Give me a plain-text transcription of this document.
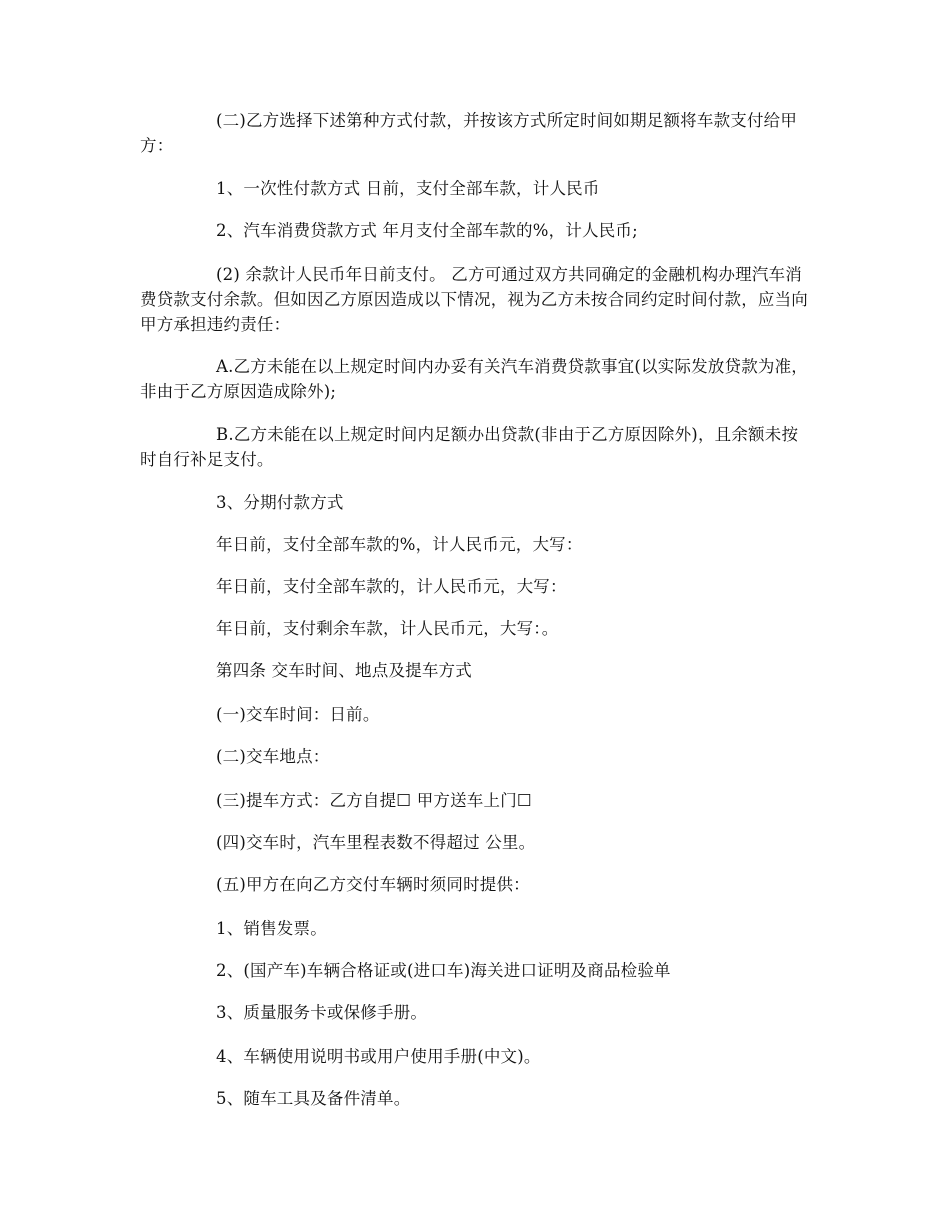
(二)乙方选择下述第种方式付款，并按该方式所定时间如期足额将车款支付给甲方：
1、一次性付款方式 日前，支付全部车款，计人民币
2、汽车消费贷款方式 年月支付全部车款的%，计人民币;
(2) 余款计人民币年日前支付。 乙方可通过双方共同确定的金融机构办理汽车消费贷款支付余款。但如因乙方原因造成以下情况，视为乙方未按合同约定时间付款，应当向甲方承担违约责任：
A.乙方未能在以上规定时间内办妥有关汽车消费贷款事宜(以实际发放贷款为准，非由于乙方原因造成除外);
B.乙方未能在以上规定时间内足额办出贷款(非由于乙方原因除外)，且余额未按时自行补足支付。
3、分期付款方式
年日前，支付全部车款的%，计人民币元，大写：
年日前，支付全部车款的，计人民币元，大写：
年日前，支付剩余车款，计人民币元，大写：。
第四条 交车时间、地点及提车方式
(一)交车时间：日前。
(二)交车地点：
(三)提车方式：乙方自提☐ 甲方送车上门☐
(四)交车时，汽车里程表数不得超过 公里。
(五)甲方在向乙方交付车辆时须同时提供：
1、销售发票。
2、(国产车)车辆合格证或(进口车)海关进口证明及商品检验单
3、质量服务卡或保修手册。
4、车辆使用说明书或用户使用手册(中文)。
5、随车工具及备件清单。
